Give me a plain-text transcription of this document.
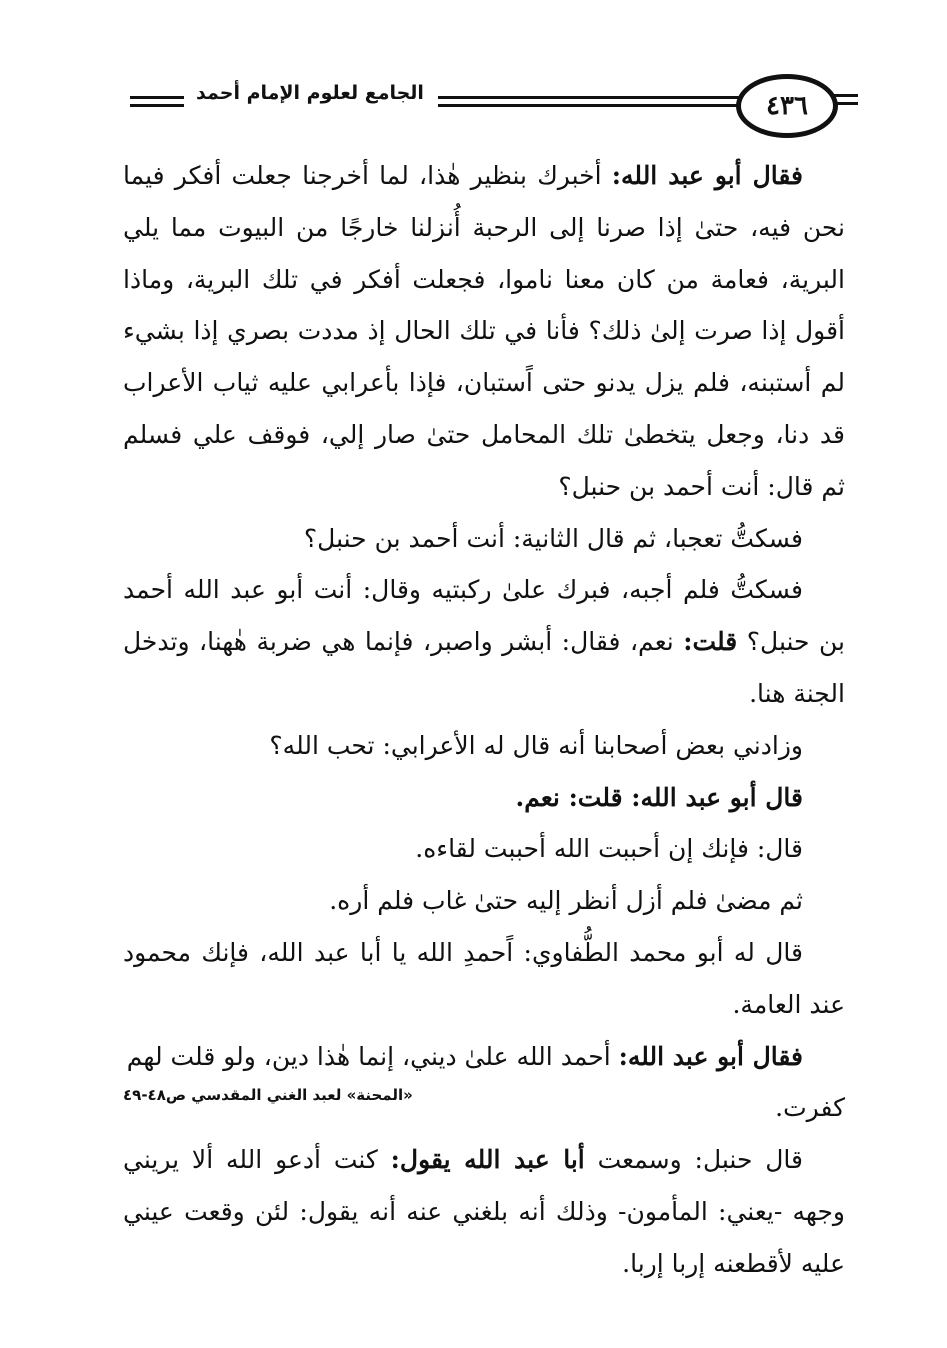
٤٣٦
الجامع لعلوم الإمام أحمد

فقال أبو عبد الله: أخبرك بنظير هٰذا، لما أخرجنا جعلت أفكر فيما نحن فيه، حتىٰ إذا صرنا إلى الرحبة أُنزلنا خارجًا من البيوت مما يلي البرية، فعامة من كان معنا ناموا، فجعلت أفكر في تلك البرية، وماذا أقول إذا صرت إلىٰ ذلك؟ فأنا في تلك الحال إذ مددت بصري إذا بشيء لم أستبنه، فلم يزل يدنو حتى اًستبان، فإذا بأعرابي عليه ثياب الأعراب قد دنا، وجعل يتخطىٰ تلك المحامل حتىٰ صار إلي، فوقف علي فسلم ثم قال: أنت أحمد بن حنبل؟

فسكتُّ تعجبا، ثم قال الثانية: أنت أحمد بن حنبل؟

فسكتُّ فلم أجبه، فبرك علىٰ ركبتيه وقال: أنت أبو عبد الله أحمد بن حنبل؟ قلت: نعم، فقال: أبشر واصبر، فإنما هي ضربة هٰهنا، وتدخل الجنة هنا.

وزادني بعض أصحابنا أنه قال له الأعرابي: تحب الله؟

قال أبو عبد الله: قلت: نعم.

قال: فإنك إن أحببت الله أحببت لقاءه.

ثم مضىٰ فلم أزل أنظر إليه حتىٰ غاب فلم أره.

قال له أبو محمد الطُّفاوي: اًحمدِ الله يا أبا عبد الله، فإنك محمود عند العامة.

فقال أبو عبد الله: أحمد الله علىٰ ديني، إنما هٰذا دين، ولو قلت لهم

كفرت.
«المحنة» لعبد الغني المقدسي ص٤٨-٤٩

قال حنبل: وسمعت أبا عبد الله يقول: كنت أدعو الله ألا يريني وجهه -يعني: المأمون- وذلك أنه بلغني عنه أنه يقول: لئن وقعت عيني عليه لأقطعنه إربا إربا.
